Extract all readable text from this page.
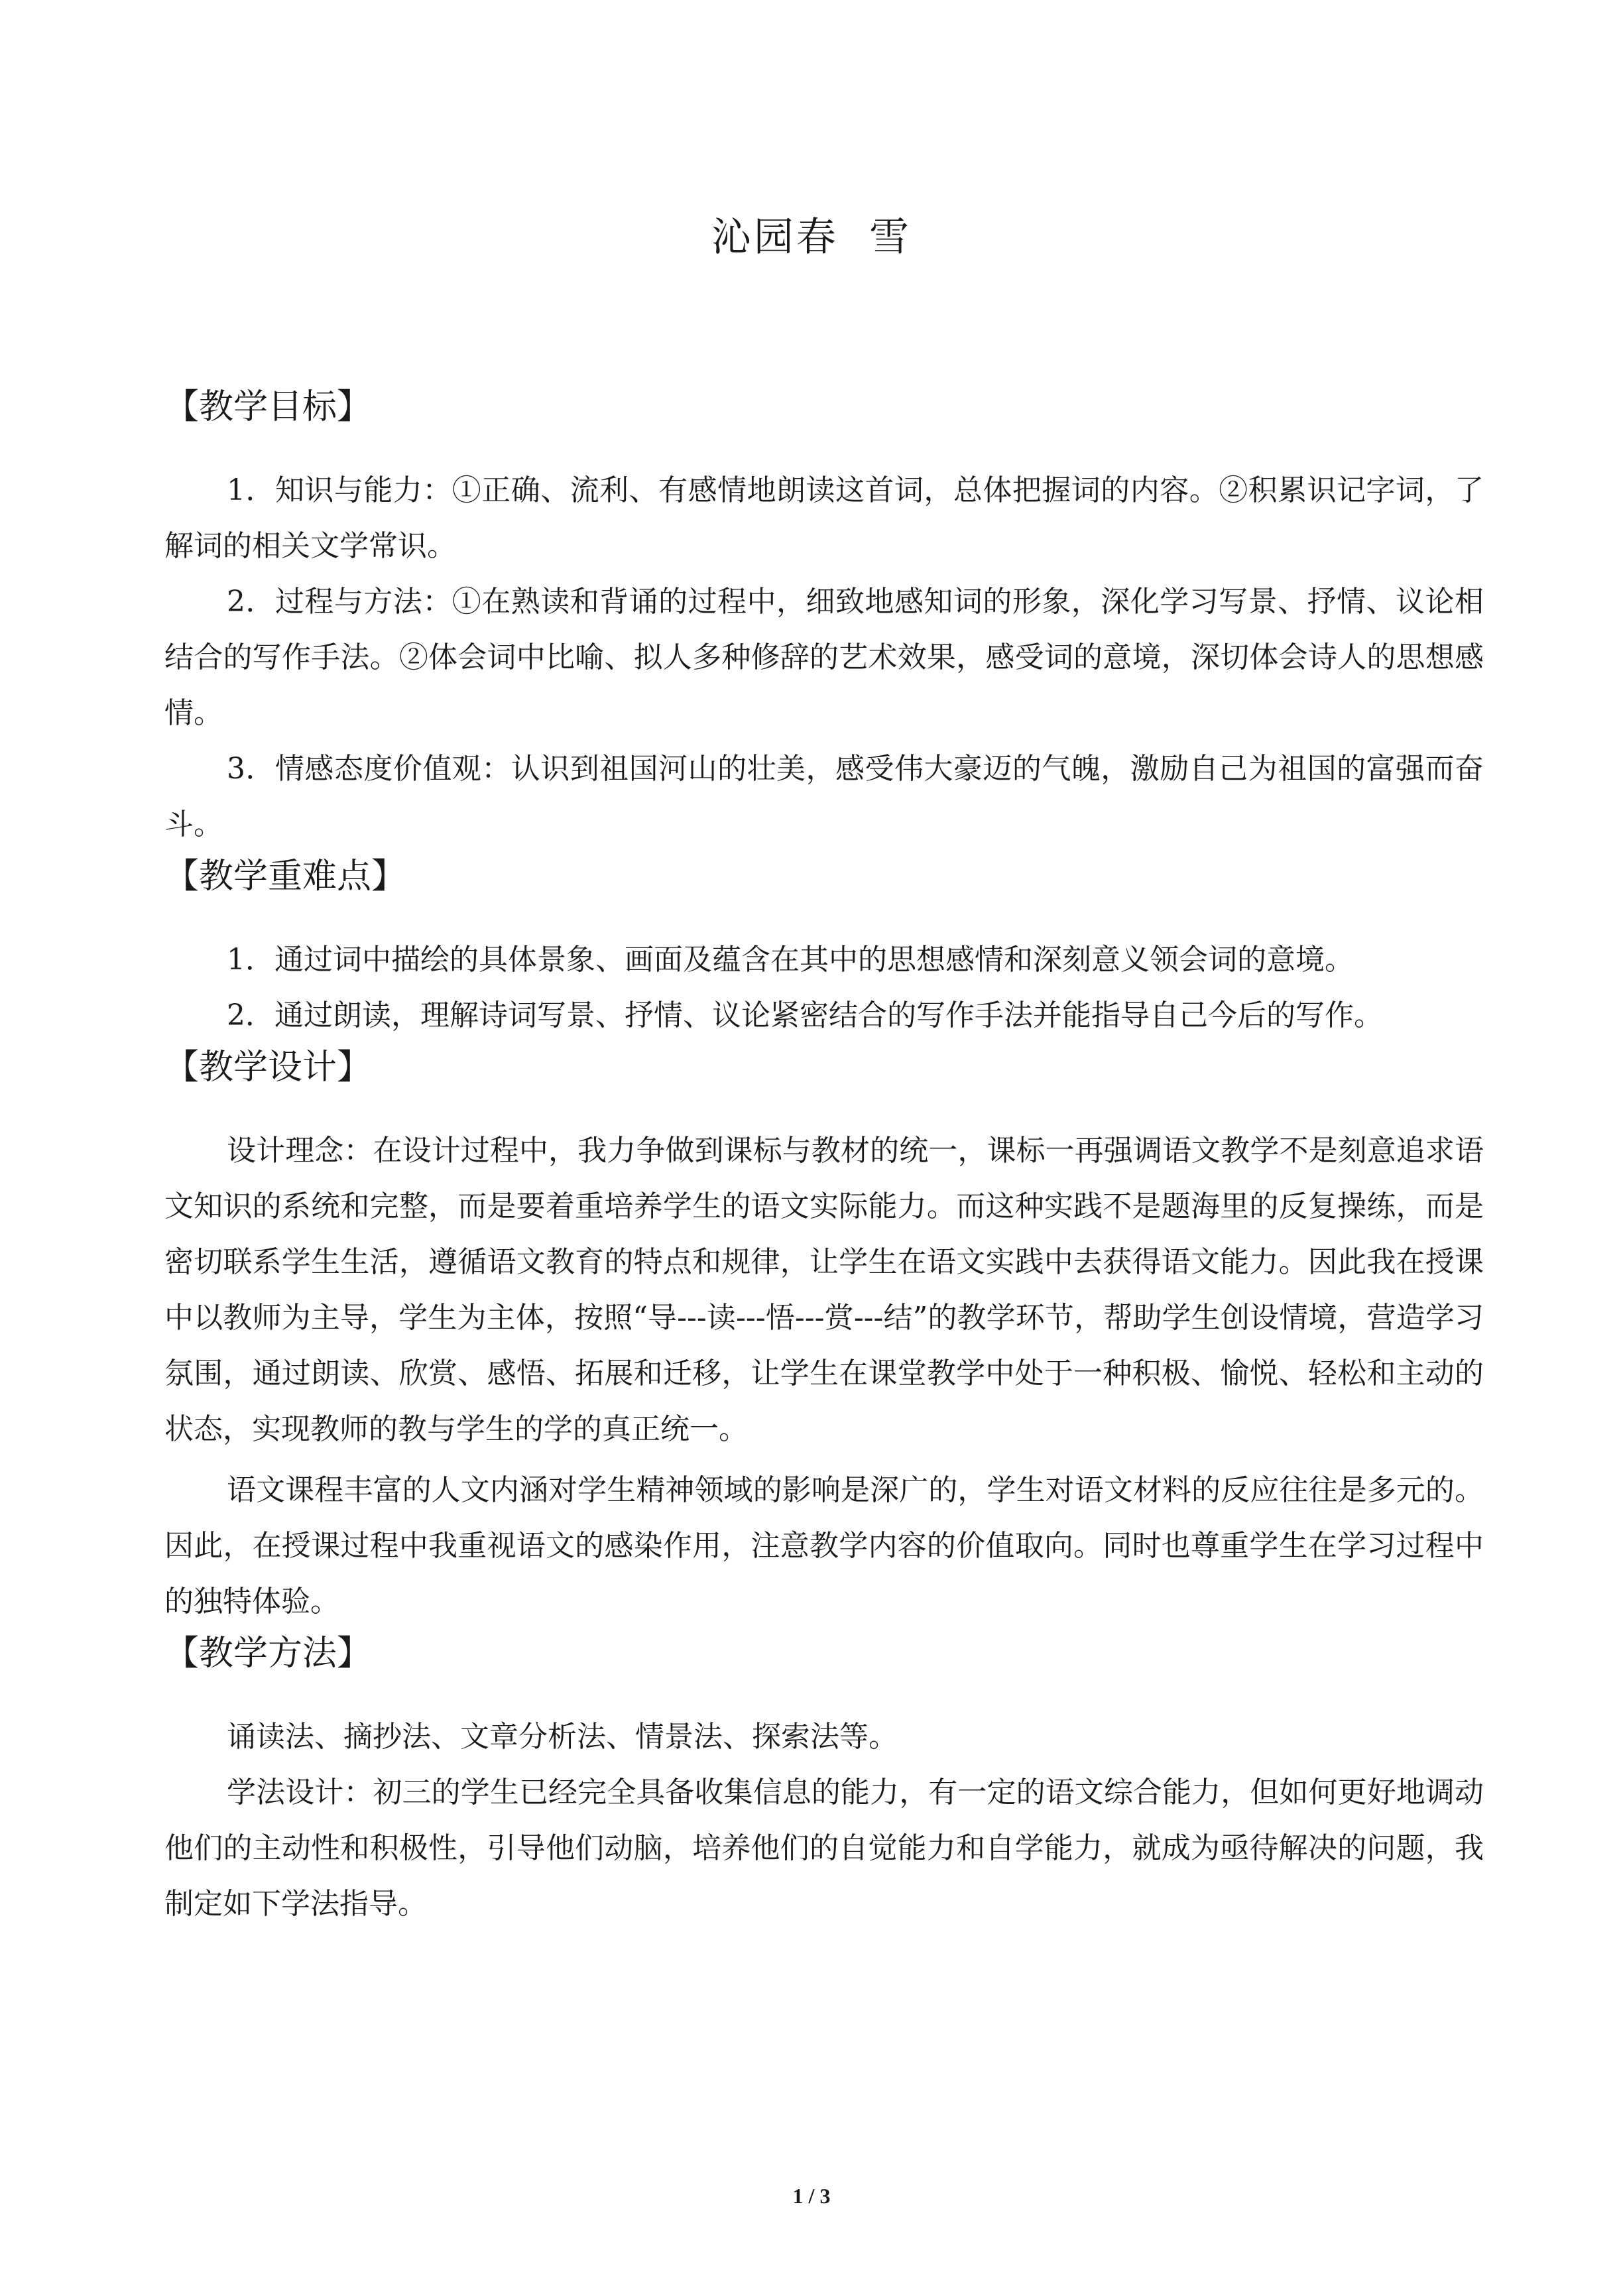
沁园春  雪
【教学目标】

1．知识与能力：①正确、流利、有感情地朗读这首词，总体把握词的内容。②积累识记字词，了解词的相关文学常识。

2．过程与方法：①在熟读和背诵的过程中，细致地感知词的形象，深化学习写景、抒情、议论相结合的写作手法。②体会词中比喻、拟人多种修辞的艺术效果，感受词的意境，深切体会诗人的思想感情。

3．情感态度价值观：认识到祖国河山的壮美，感受伟大豪迈的气魄，激励自己为祖国的富强而奋斗。

【教学重难点】

1．通过词中描绘的具体景象、画面及蕴含在其中的思想感情和深刻意义领会词的意境。

2．通过朗读，理解诗词写景、抒情、议论紧密结合的写作手法并能指导自己今后的写作。

【教学设计】

设计理念：在设计过程中，我力争做到课标与教材的统一，课标一再强调语文教学不是刻意追求语文知识的系统和完整，而是要着重培养学生的语文实际能力。而这种实践不是题海里的反复操练，而是密切联系学生生活，遵循语文教育的特点和规律，让学生在语文实践中去获得语文能力。因此我在授课中以教师为主导，学生为主体，按照“导---读---悟---赏---结”的教学环节，帮助学生创设情境，营造学习氛围，通过朗读、欣赏、感悟、拓展和迁移，让学生在课堂教学中处于一种积极、愉悦、轻松和主动的状态，实现教师的教与学生的学的真正统一。

语文课程丰富的人文内涵对学生精神领域的影响是深广的，学生对语文材料的反应往往是多元的。因此，在授课过程中我重视语文的感染作用，注意教学内容的价值取向。同时也尊重学生在学习过程中的独特体验。

【教学方法】

诵读法、摘抄法、文章分析法、情景法、探索法等。

学法设计：初三的学生已经完全具备收集信息的能力，有一定的语文综合能力，但如何更好地调动他们的主动性和积极性，引导他们动脑，培养他们的自觉能力和自学能力，就成为亟待解决的问题，我制定如下学法指导。

1 / 3
